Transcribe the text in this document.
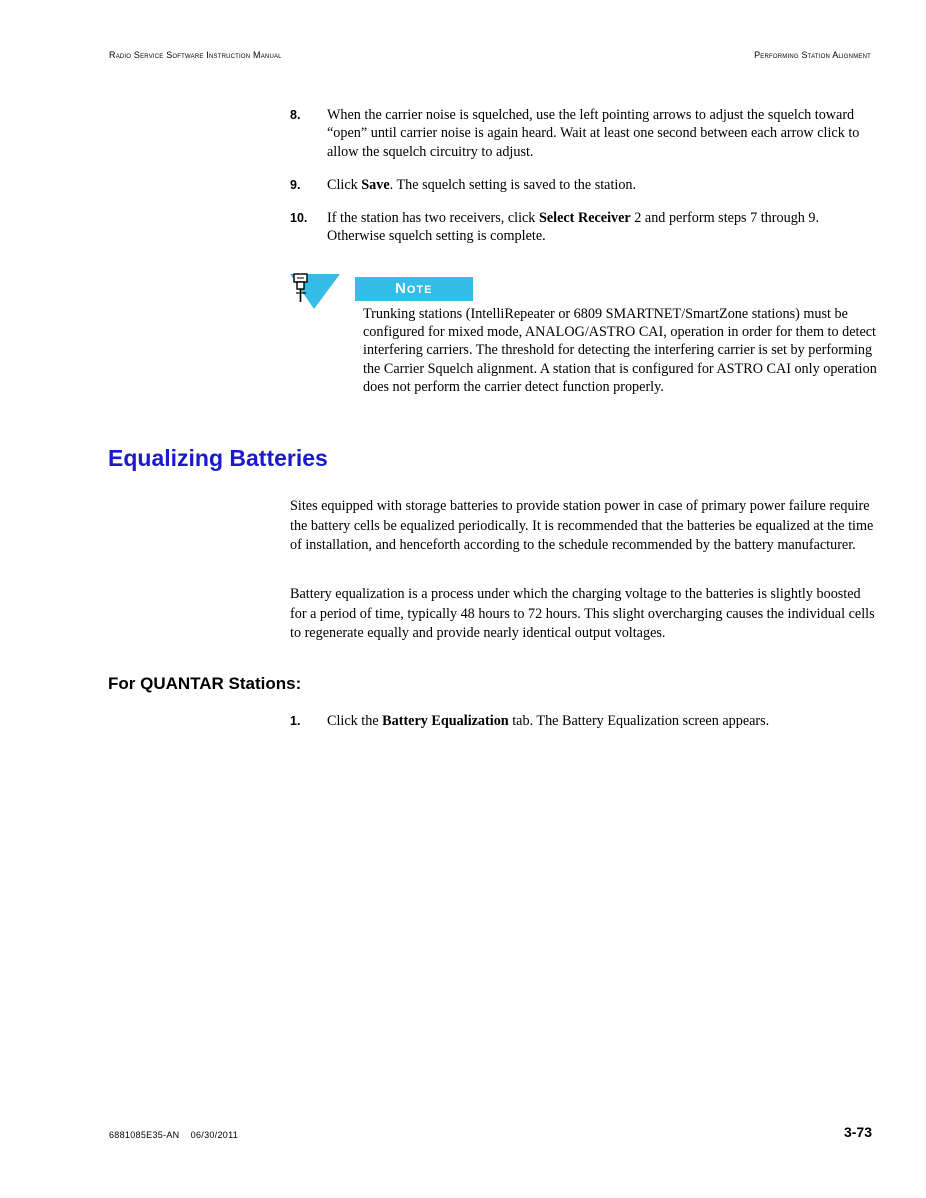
Radio Service Software Instruction Manual	Performing Station Alignment
8. When the carrier noise is squelched, use the left pointing arrows to adjust the squelch toward “open” until carrier noise is again heard. Wait at least one second between each arrow click to allow the squelch circuitry to adjust.
9. Click Save. The squelch setting is saved to the station.
10. If the station has two receivers, click Select Receiver 2 and perform steps 7 through 9. Otherwise squelch setting is complete.
Note
Trunking stations (IntelliRepeater or 6809 SMARTNET/SmartZone stations) must be configured for mixed mode, ANALOG/ASTRO CAI, operation in order for them to detect interfering carriers. The threshold for detecting the interfering carrier is set by performing the Carrier Squelch alignment. A station that is configured for ASTRO CAI only operation does not perform the carrier detect function properly.
Equalizing Batteries
Sites equipped with storage batteries to provide station power in case of primary power failure require the battery cells be equalized periodically. It is recommended that the batteries be equalized at the time of installation, and henceforth according to the schedule recommended by the battery manufacturer.
Battery equalization is a process under which the charging voltage to the batteries is slightly boosted for a period of time, typically 48 hours to 72 hours. This slight overcharging causes the individual cells to regenerate equally and provide nearly identical output voltages.
For QUANTAR Stations:
1. Click the Battery Equalization tab. The Battery Equalization screen appears.
6881085E35-AN    06/30/2011	3-73
